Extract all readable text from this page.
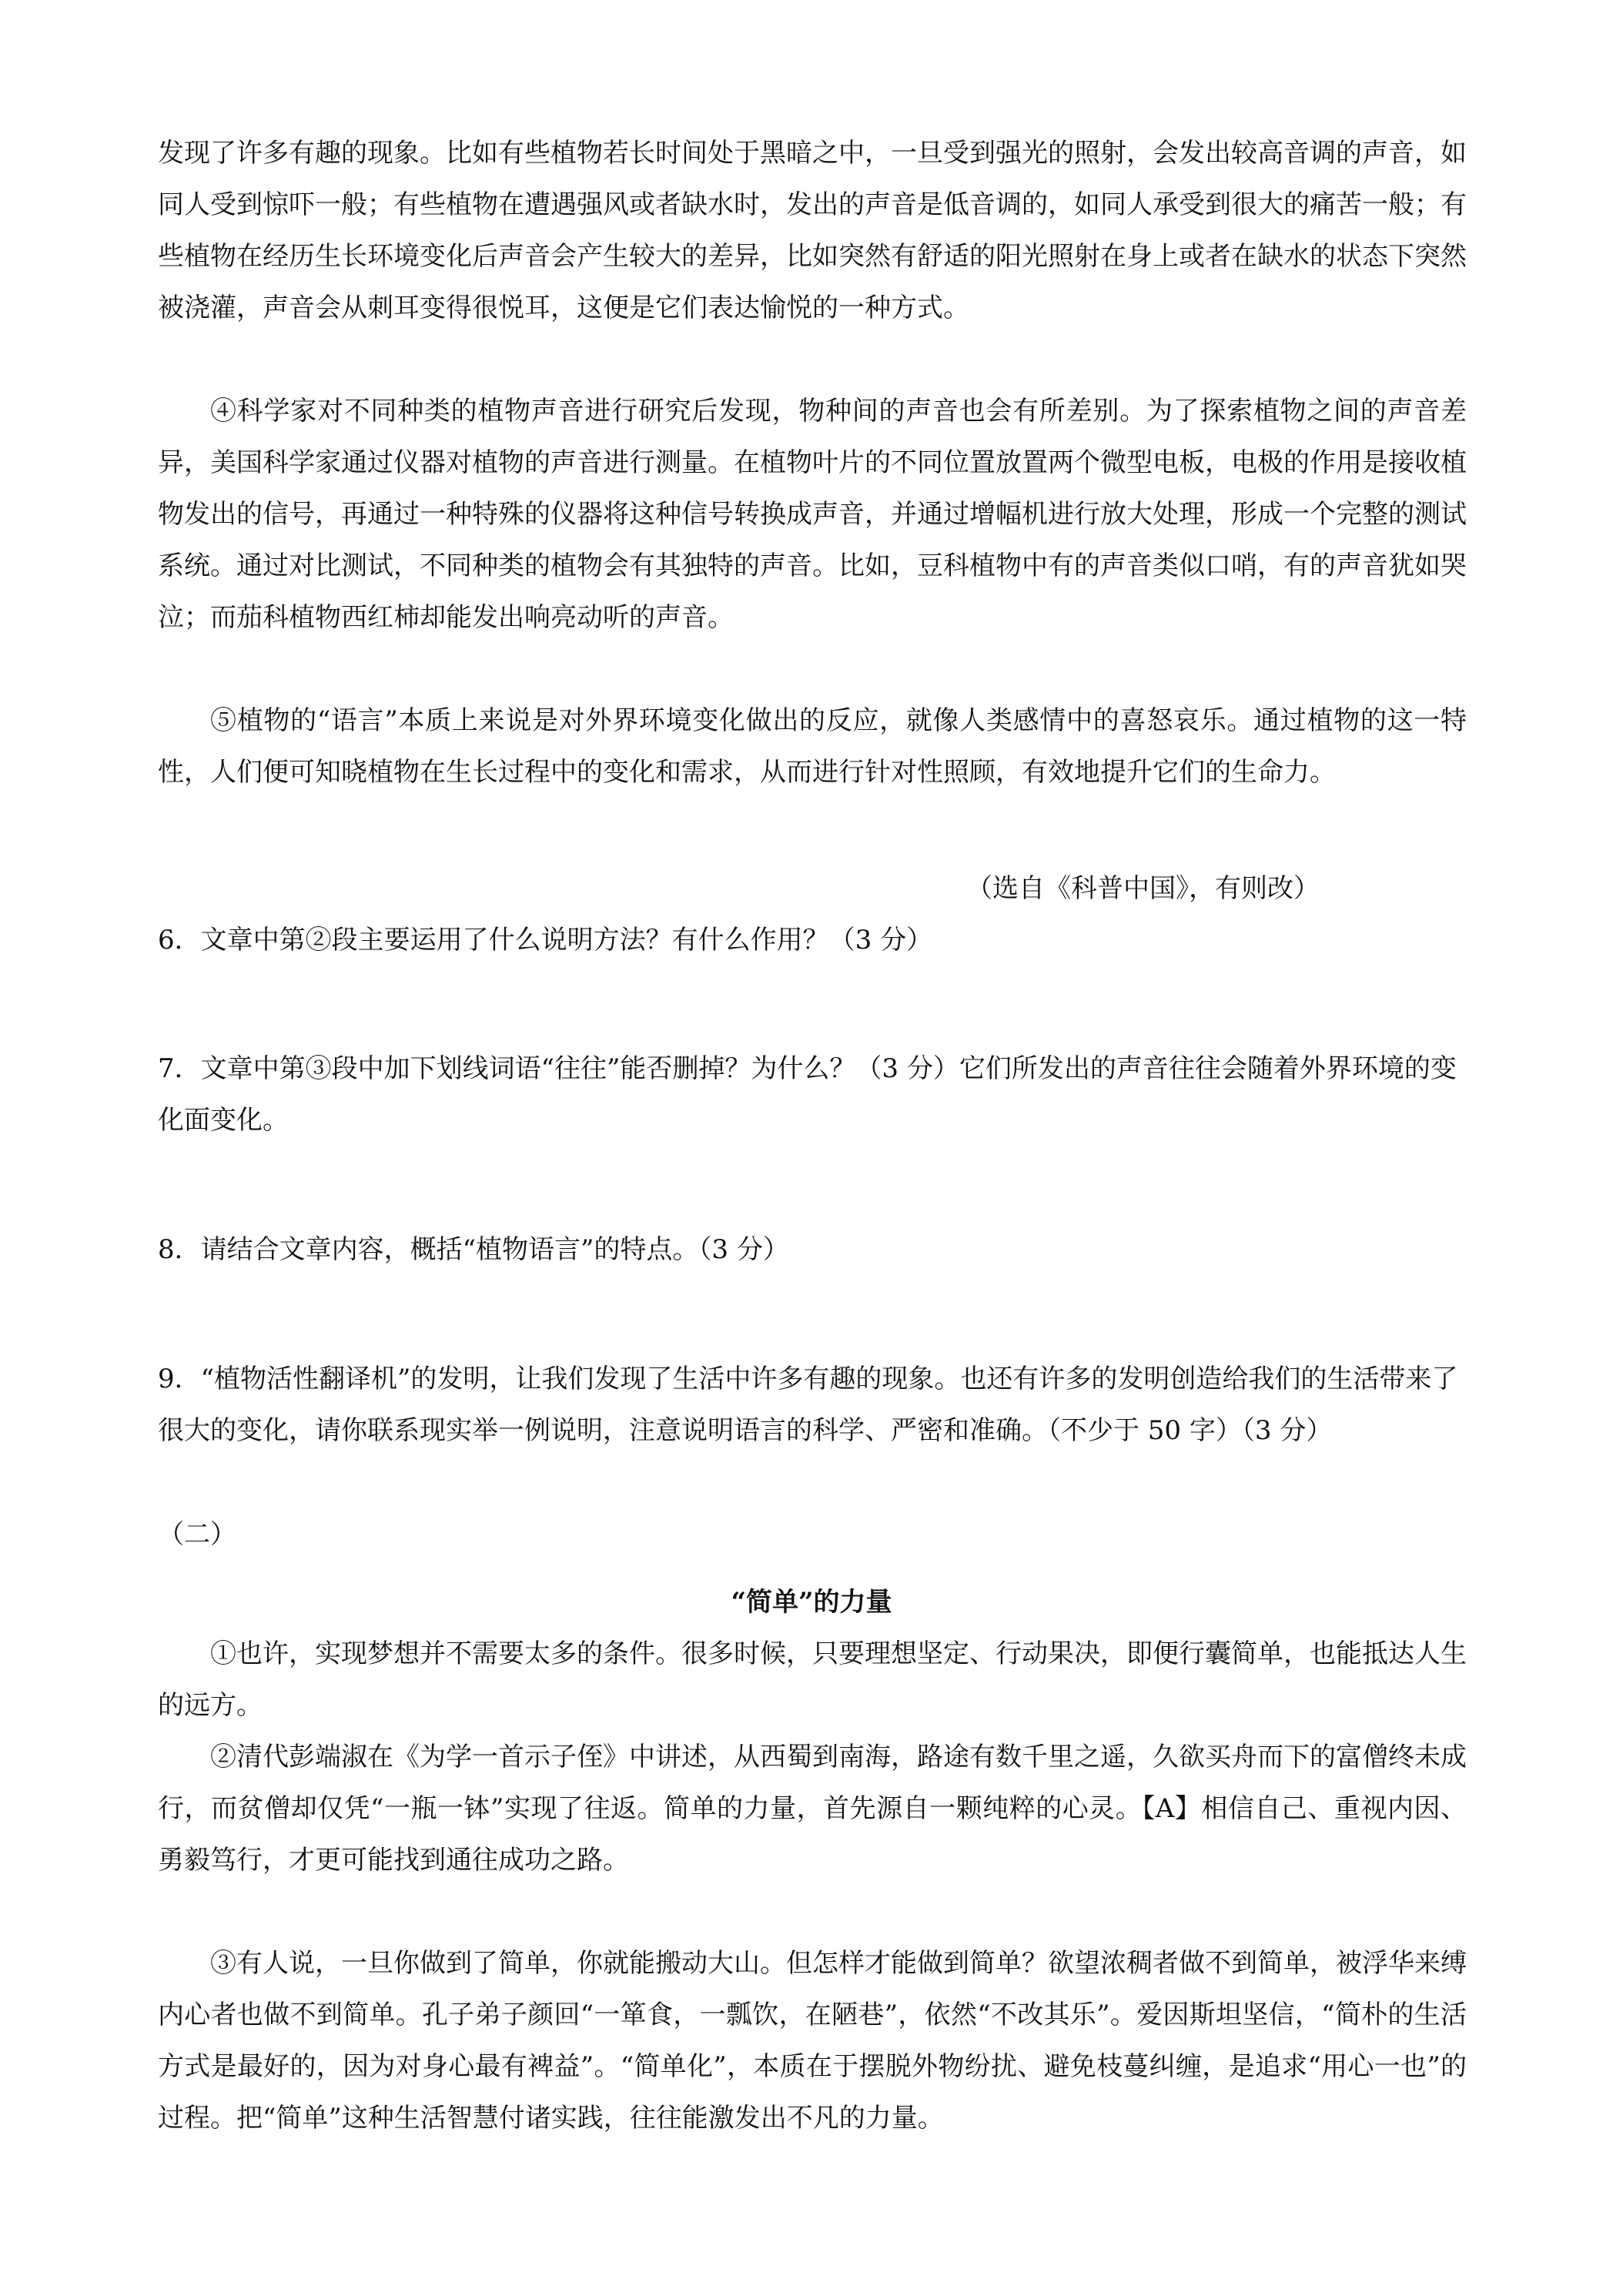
发现了许多有趣的现象。比如有些植物若长时间处于黑暗之中，一旦受到强光的照射，会发出较高音调的声音，如同人受到惊吓一般；有些植物在遭遇强风或者缺水时，发出的声音是低音调的，如同人承受到很大的痛苦一般；有些植物在经历生长环境变化后声音会产生较大的差异，比如突然有舒适的阳光照射在身上或者在缺水的状态下突然被浇灌，声音会从刺耳变得很悦耳，这便是它们表达愉悦的一种方式。

④科学家对不同种类的植物声音进行研究后发现，物种间的声音也会有所差别。为了探索植物之间的声音差异，美国科学家通过仪器对植物的声音进行测量。在植物叶片的不同位置放置两个微型电板，电极的作用是接收植物发出的信号，再通过一种特殊的仪器将这种信号转换成声音，并通过增幅机进行放大处理，形成一个完整的测试系统。通过对比测试，不同种类的植物会有其独特的声音。比如，豆科植物中有的声音类似口哨，有的声音犹如哭泣；而茄科植物西红柿却能发出响亮动听的声音。

⑤植物的“语言”本质上来说是对外界环境变化做出的反应，就像人类感情中的喜怒哀乐。通过植物的这一特性，人们便可知晓植物在生长过程中的变化和需求，从而进行针对性照顾，有效地提升它们的生命力。

（选自《科普中国》，有则改）

6．文章中第②段主要运用了什么说明方法？有什么作用？（3 分）

7．文章中第③段中加下划线词语“往往”能否删掉？为什么？（3 分）它们所发出的声音往往会随着外界环境的变化面变化。

8．请结合文章内容，概括“植物语言”的特点。（3 分）

9．“植物活性翻译机”的发明，让我们发现了生活中许多有趣的现象。也还有许多的发明创造给我们的生活带来了很大的变化，请你联系现实举一例说明，注意说明语言的科学、严密和准确。（不少于 50 字）（3 分）

（二）
“简单”的力量

①也许，实现梦想并不需要太多的条件。很多时候，只要理想坚定、行动果决，即便行囊简单，也能抵达人生的远方。

②清代彭端淑在《为学一首示子侄》中讲述，从西蜀到南海，路途有数千里之遥，久欲买舟而下的富僧终未成行，而贫僧却仅凭“一瓶一钵”实现了往返。简单的力量，首先源自一颗纯粹的心灵。【A】相信自己、重视内因、勇毅笃行，才更可能找到通往成功之路。

③有人说，一旦你做到了简单，你就能搬动大山。但怎样才能做到简单？欲望浓稠者做不到简单，被浮华来缚内心者也做不到简单。孔子弟子颜回“一箪食，一瓢饮，在陋巷”，依然“不改其乐”。爱因斯坦坚信，“简朴的生活方式是最好的，因为对身心最有裨益”。“简单化”，本质在于摆脱外物纷扰、避免枝蔓纠缠，是追求“用心一也”的过程。把“简单”这种生活智慧付诸实践，往往能激发出不凡的力量。
